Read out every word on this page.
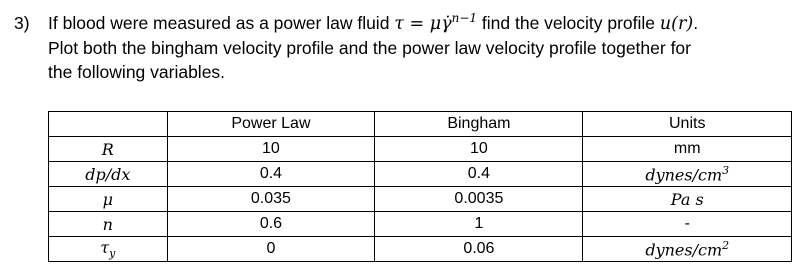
3) If blood were measured as a power law fluid τ = μγ̇$^{n-1}$ find the velocity profile u(r).
Plot both the bingham velocity profile and the power law velocity profile together for
the following variables.
	Power Law	Bingham	Units
R	10	10	mm
dp/dx	0.4	0.4	dynes/$cm^3$
μ	0.035	0.0035	Pa s
n	0.6	1	-
$\tau_y$	0	0.06	dynes/$cm^2$
